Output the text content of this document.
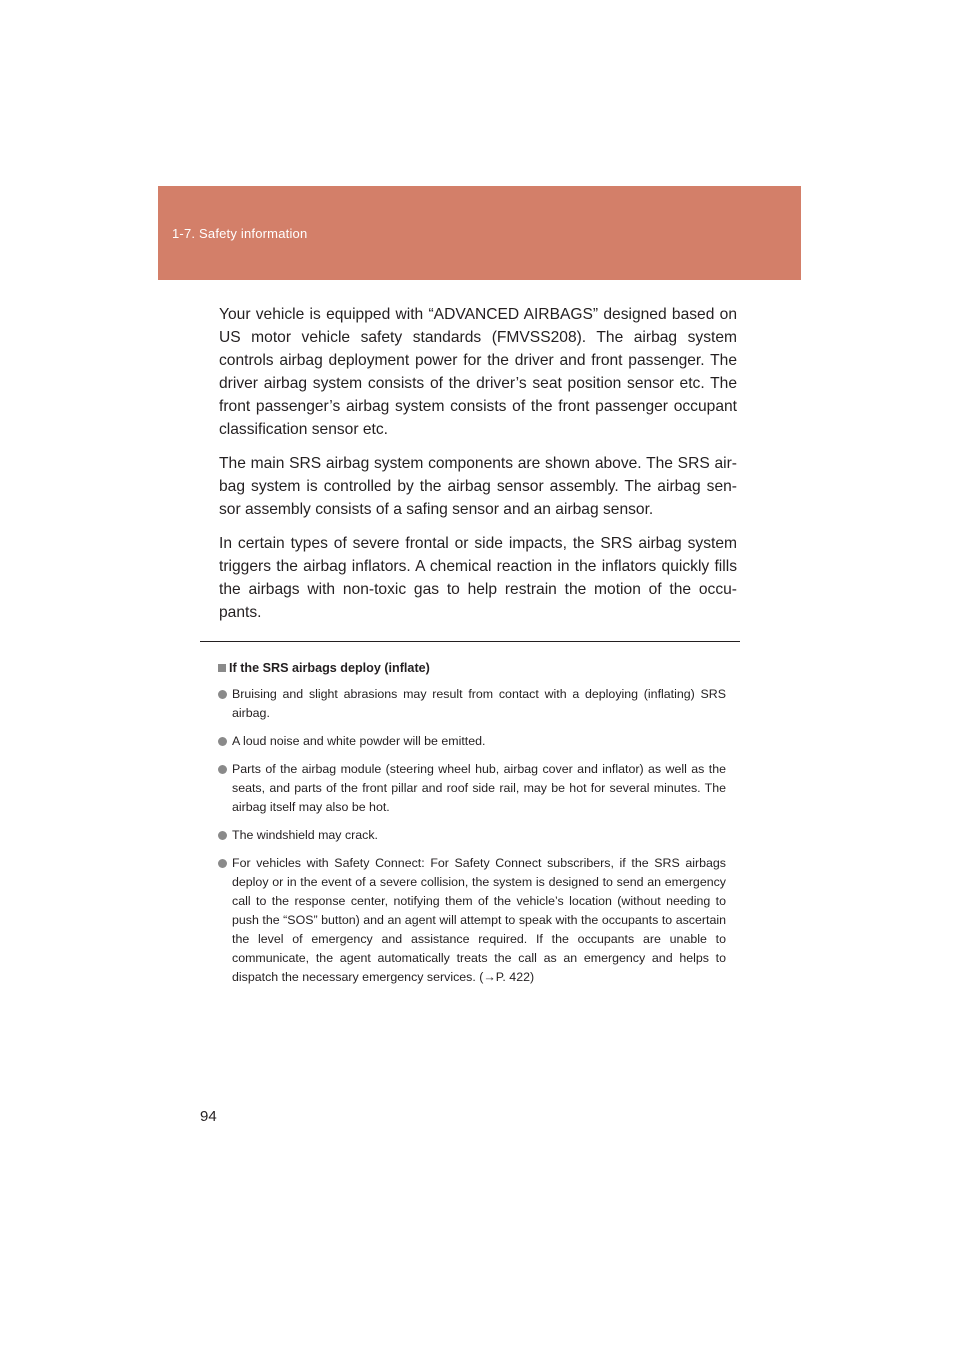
1-7. Safety information

Your vehicle is equipped with “ADVANCED AIRBAGS” designed based on US motor vehicle safety standards (FMVSS208). The airbag system controls airbag deployment power for the driver and front passenger. The driver airbag system consists of the driver’s seat position sensor etc. The front passenger’s airbag system consists of the front passenger occupant classification sensor etc.

The main SRS airbag system components are shown above. The SRS air-bag system is controlled by the airbag sensor assembly. The airbag sen-sor assembly consists of a safing sensor and an airbag sensor.

In certain types of severe frontal or side impacts, the SRS airbag system triggers the airbag inflators. A chemical reaction in the inflators quickly fills the airbags with non-toxic gas to help restrain the motion of the occu-pants.

If the SRS airbags deploy (inflate)
Bruising and slight abrasions may result from contact with a deploying (inflating) SRS airbag.
A loud noise and white powder will be emitted.
Parts of the airbag module (steering wheel hub, airbag cover and inflator) as well as the seats, and parts of the front pillar and roof side rail, may be hot for several minutes. The airbag itself may also be hot.
The windshield may crack.
For vehicles with Safety Connect: For Safety Connect subscribers, if the SRS airbags deploy or in the event of a severe collision, the system is designed to send an emergency call to the response center, notifying them of the vehicle’s location (without needing to push the “SOS” button) and an agent will attempt to speak with the occupants to ascertain the level of emergency and assistance required. If the occupants are unable to communicate, the agent automatically treats the call as an emergency and helps to dispatch the necessary emergency services. (→P. 422)
94
